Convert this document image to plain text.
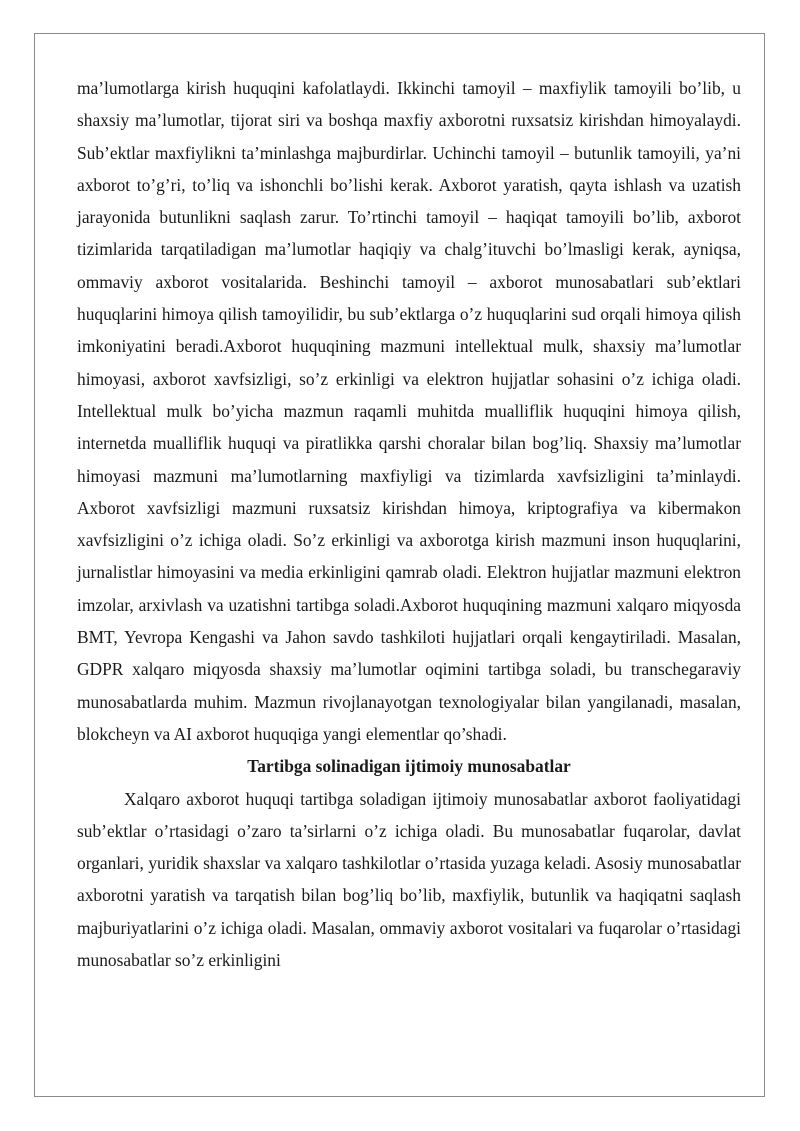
ma’lumotlarga kirish huquqini kafolatlaydi. Ikkinchi tamoyil – maxfiylik tamoyili bo’lib, u shaxsiy ma’lumotlar, tijorat siri va boshqa maxfiy axborotni ruxsatsiz kirishdan himoyalaydi. Sub’ektlar maxfiylikni ta’minlashga majburdirlar. Uchinchi tamoyil – butunlik tamoyili, ya’ni axborot to’g’ri, to’liq va ishonchli bo’lishi kerak. Axborot yaratish, qayta ishlash va uzatish jarayonida butunlikni saqlash zarur. To’rtinchi tamoyil – haqiqat tamoyili bo’lib, axborot tizimlarida tarqatiladigan ma’lumotlar haqiqiy va chalg’ituvchi bo’lmasligi kerak, ayniqsa, ommaviy axborot vositalarida. Beshinchi tamoyil – axborot munosabatlari sub’ektlari huquqlarini himoya qilish tamoyilidir, bu sub’ektlarga o’z huquqlarini sud orqali himoya qilish imkoniyatini beradi.Axborot huquqining mazmuni intellektual mulk, shaxsiy ma’lumotlar himoyasi, axborot xavfsizligi, so’z erkinligi va elektron hujjatlar sohasini o’z ichiga oladi. Intellektual mulk bo’yicha mazmun raqamli muhitda mualliflik huquqini himoya qilish, internetda mualliflik huquqi va piratlikka qarshi choralar bilan bog’liq. Shaxsiy ma’lumotlar himoyasi mazmuni ma’lumotlarning maxfiyligi va tizimlarda xavfsizligini ta’minlaydi. Axborot xavfsizligi mazmuni ruxsatsiz kirishdan himoya, kriptografiya va kibermakon xavfsizligini o’z ichiga oladi. So’z erkinligi va axborotga kirish mazmuni inson huquqlarini, jurnalistlar himoyasini va media erkinligini qamrab oladi. Elektron hujjatlar mazmuni elektron imzolar, arxivlash va uzatishni tartibga soladi.Axborot huquqining mazmuni xalqaro miqyosda BMT, Yevropa Kengashi va Jahon savdo tashkiloti hujjatlari orqali kengaytiriladi. Masalan, GDPR xalqaro miqyosda shaxsiy ma’lumotlar oqimini tartibga soladi, bu transchegaraviy munosabatlarda muhim. Mazmun rivojlanayotgan texnologiyalar bilan yangilanadi, masalan, blokcheyn va AI axborot huquqiga yangi elementlar qo’shadi.

Tartibga solinadigan ijtimoiy munosabatlar

Xalqaro axborot huquqi tartibga soladigan ijtimoiy munosabatlar axborot faoliyatidagi sub’ektlar o’rtasidagi o’zaro ta’sirlarni o’z ichiga oladi. Bu munosabatlar fuqarolar, davlat organlari, yuridik shaxslar va xalqaro tashkilotlar o’rtasida yuzaga keladi. Asosiy munosabatlar axborotni yaratish va tarqatish bilan bog’liq bo’lib, maxfiylik, butunlik va haqiqatni saqlash majburiyatlarini o’z ichiga oladi. Masalan, ommaviy axborot vositalari va fuqarolar o’rtasidagi munosabatlar so’z erkinligini
